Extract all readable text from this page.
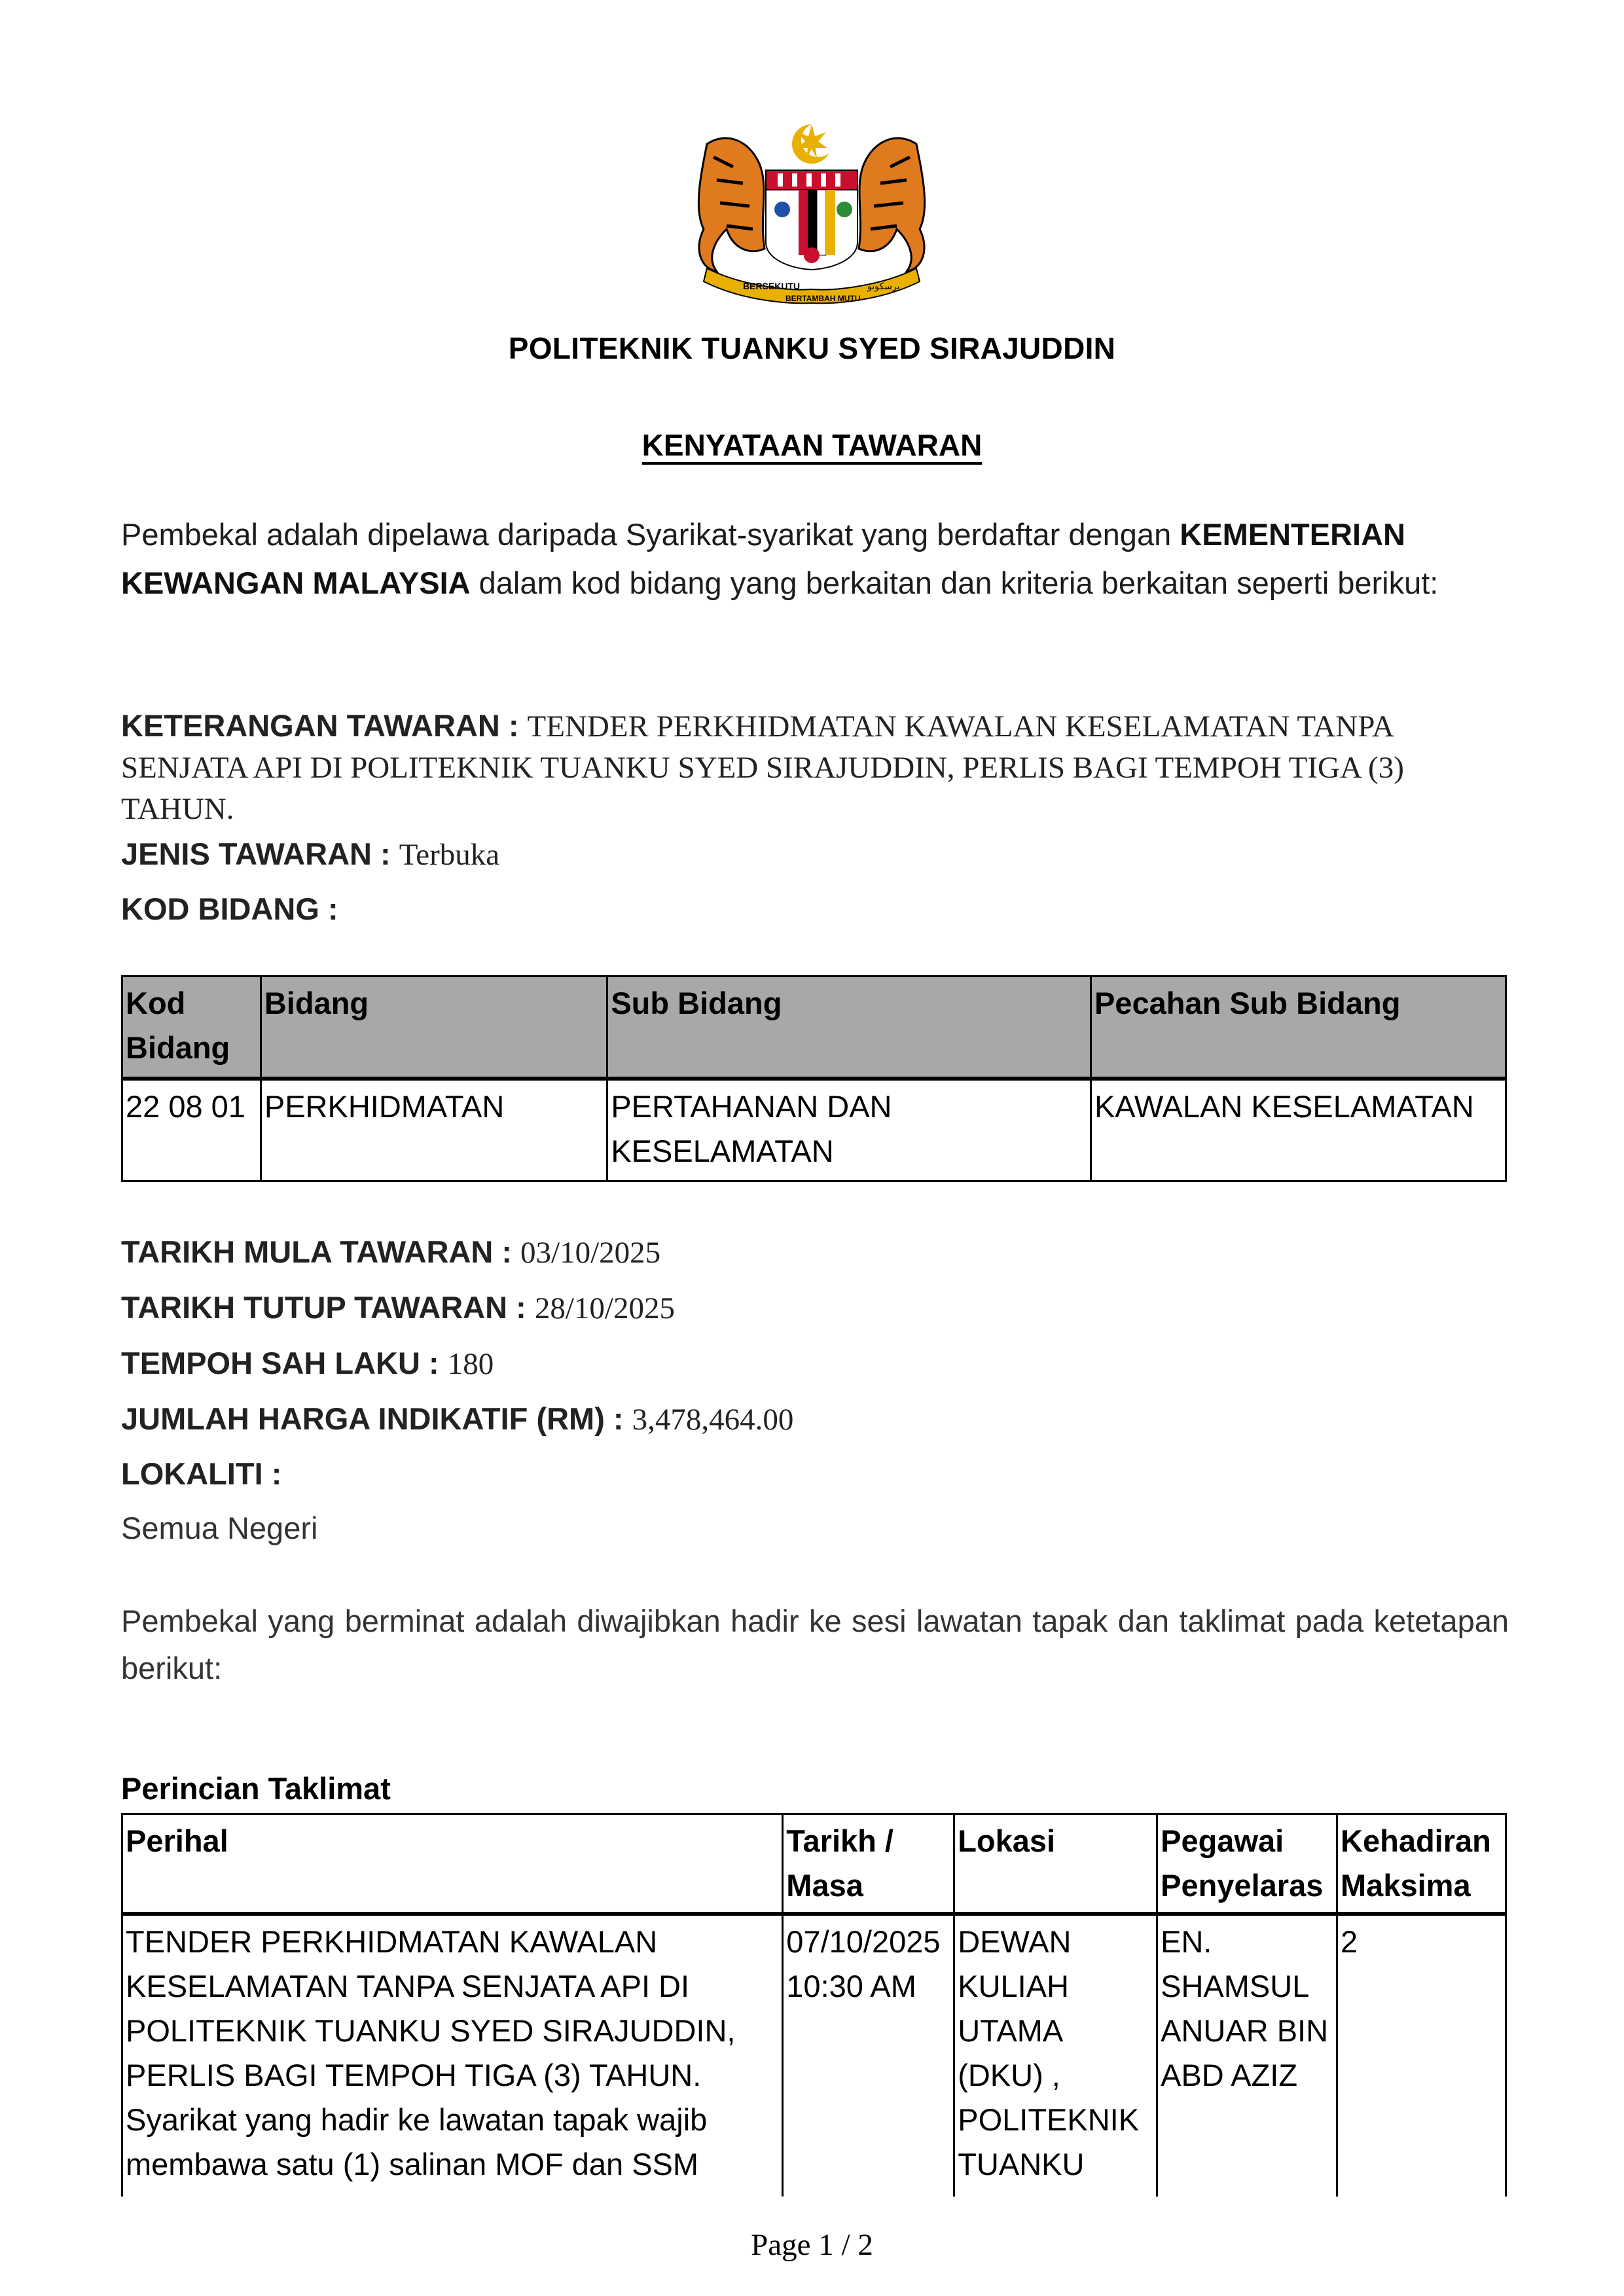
BERSEKUTU
BERTAMBAH MUTU
ﺑﺮﺳﻜﻮﺗﻮ
POLITEKNIK TUANKU SYED SIRAJUDDIN
KENYATAAN TAWARAN
Pembekal adalah dipelawa daripada Syarikat-syarikat yang berdaftar dengan KEMENTERIAN KEWANGAN MALAYSIA dalam kod bidang yang berkaitan dan kriteria berkaitan seperti berikut:
KETERANGAN TAWARAN : TENDER PERKHIDMATAN KAWALAN KESELAMATAN TANPA SENJATA API DI POLITEKNIK TUANKU SYED SIRAJUDDIN, PERLIS BAGI TEMPOH TIGA (3) TAHUN.
JENIS TAWARAN : Terbuka
KOD BIDANG :
Kod Bidang	Bidang	Sub Bidang	Pecahan Sub Bidang
22 08 01	PERKHIDMATAN	PERTAHANAN DAN KESELAMATAN	KAWALAN KESELAMATAN
TARIKH MULA TAWARAN : 03/10/2025
TARIKH TUTUP TAWARAN : 28/10/2025
TEMPOH SAH LAKU : 180
JUMLAH HARGA INDIKATIF (RM) : 3,478,464.00
LOKALITI :
Semua Negeri
Pembekal yang berminat adalah diwajibkan hadir ke sesi lawatan tapak dan taklimat pada ketetapan berikut:
Perincian Taklimat
Perihal	Tarikh / Masa	Lokasi	Pegawai Penyelaras	Kehadiran Maksima
TENDER PERKHIDMATAN KAWALAN KESELAMATAN TANPA SENJATA API DI POLITEKNIK TUANKU SYED SIRAJUDDIN, PERLIS BAGI TEMPOH TIGA (3) TAHUN. Syarikat yang hadir ke lawatan tapak wajib membawa satu (1) salinan MOF dan SSM	07/10/2025 10:30 AM	DEWAN KULIAH UTAMA (DKU) , POLITEKNIK TUANKU	EN. SHAMSUL ANUAR BIN ABD AZIZ	2
Page 1 / 2
